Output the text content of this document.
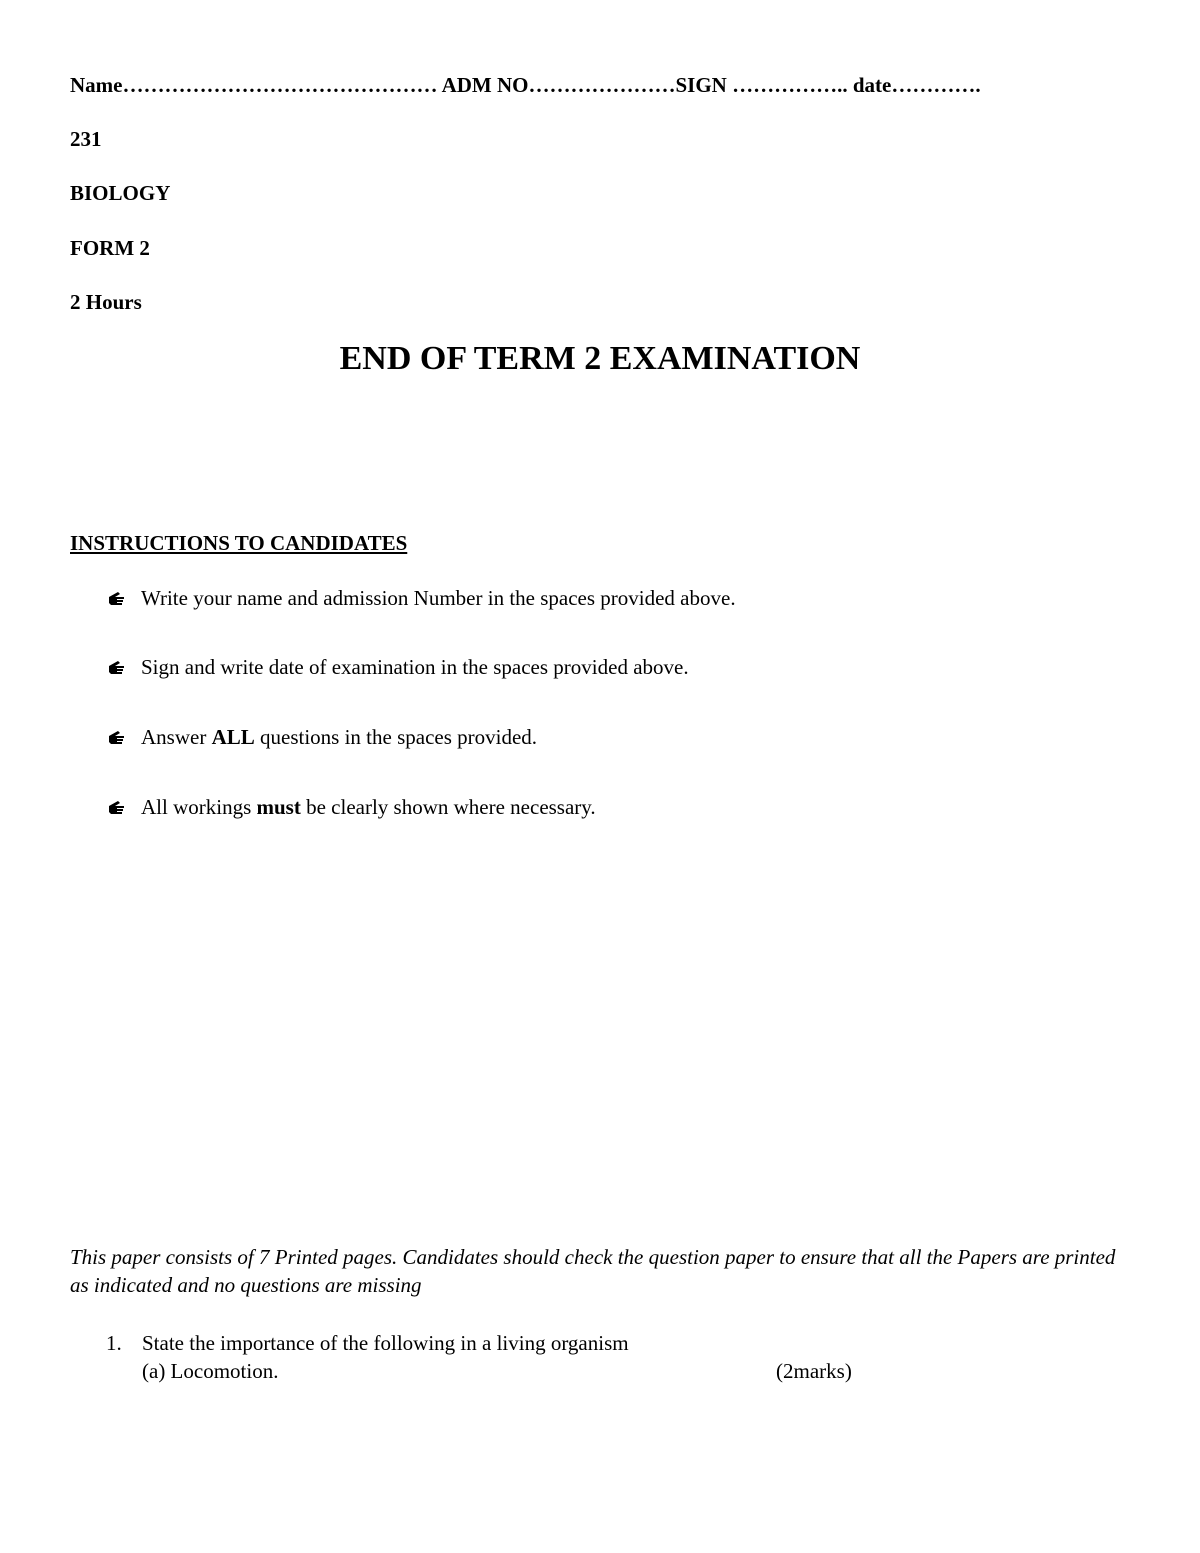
Name……………………………………… ADM NO…………………SIGN …………….. date………….
231
BIOLOGY
FORM 2
2 Hours
END OF TERM 2 EXAMINATION
INSTRUCTIONS TO CANDIDATES
Write your name and admission Number in the spaces provided above.
Sign and write date of examination in the spaces provided above.
Answer ALL questions in the spaces provided.
All workings must be clearly shown where necessary.
This paper consists of 7 Printed pages. Candidates should check the question paper to ensure that all the Papers are printed as indicated and no questions are missing
1. State the importance of the following in a living organism
(a) Locomotion.	(2marks)
